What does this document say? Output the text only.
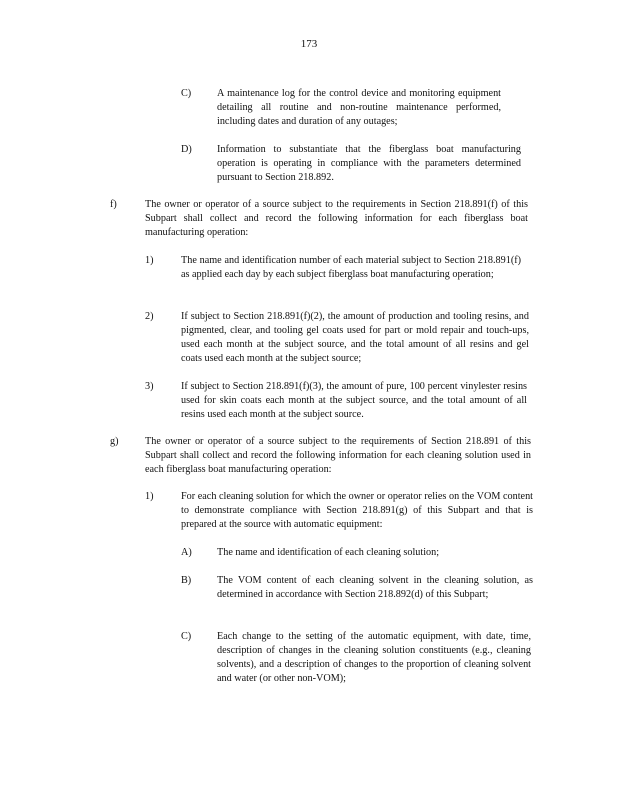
173
C)	A maintenance log for the control device and monitoring equipment detailing all routine and non-routine maintenance performed, including dates and duration of any outages;
D) Information to substantiate that the fiberglass boat manufacturing operation is operating in compliance with the parameters determined pursuant to Section 218.892.
f)	The owner or operator of a source subject to the requirements in Section 218.891(f) of this Subpart shall collect and record the following information for each fiberglass boat manufacturing operation:
1)	The name and identification number of each material subject to Section 218.891(f) as applied each day by each subject fiberglass boat manufacturing operation;
2)	If subject to Section 218.891(f)(2), the amount of production and tooling resins, and pigmented, clear, and tooling gel coats used for part or mold repair and touch-ups, used each month at the subject source, and the total amount of all resins and gel coats used each month at the subject source;
3)	If subject to Section 218.891(f)(3), the amount of pure, 100 percent vinylester resins used for skin coats each month at the subject source, and the total amount of all resins used each month at the subject source.
g)	The owner or operator of a source subject to the requirements of Section 218.891 of this Subpart shall collect and record the following information for each cleaning solution used in each fiberglass boat manufacturing operation:
1)	For each cleaning solution for which the owner or operator relies on the VOM content to demonstrate compliance with Section 218.891(g) of this Subpart and that is prepared at the source with automatic equipment:
A) The name and identification of each cleaning solution;
B)	The VOM content of each cleaning solvent in the cleaning solution, as determined in accordance with Section 218.892(d) of this Subpart;
C)	Each change to the setting of the automatic equipment, with date, time, description of changes in the cleaning solution constituents (e.g., cleaning solvents), and a description of changes to the proportion of cleaning solvent and water (or other non-VOM);
